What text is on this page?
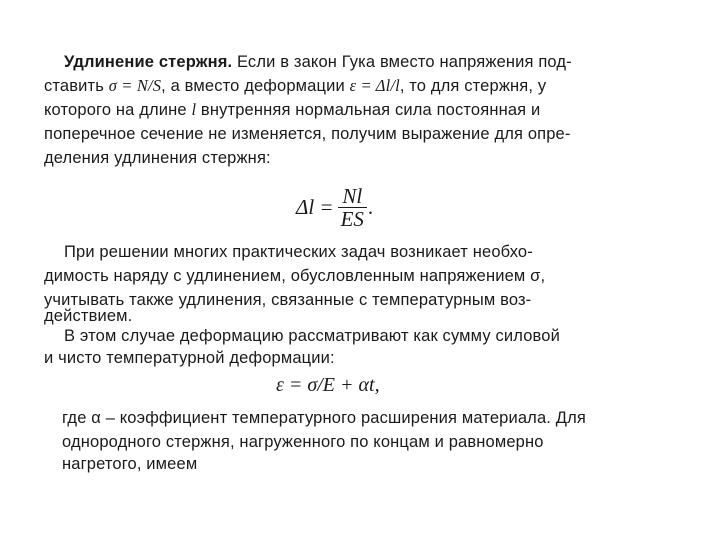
Удлинение стержня. Если в закон Гука вместо напряжения под-
ставить σ = N/S, а вместо деформации ε = Δl/l, то для стержня, у
которого на длине l внутренняя нормальная сила постоянная и
поперечное сечение не изменяется, получим выражение для опре-
деления удлинения стержня:
$\Delta l = \frac{Nl}{ES}$ .
При решении многих практических задач возникает необхо-
димость наряду с удлинением, обусловленным напряжением σ,
учитывать также удлинения, связанные с температурным воз-
действием.
В этом случае деформацию рассматривают как сумму силовой
и чисто температурной деформации:
ε = σ/E + αt,
где α – коэффициент температурного расширения материала. Для
однородного стержня, нагруженного по концам и равномерно
нагретого, имеем
